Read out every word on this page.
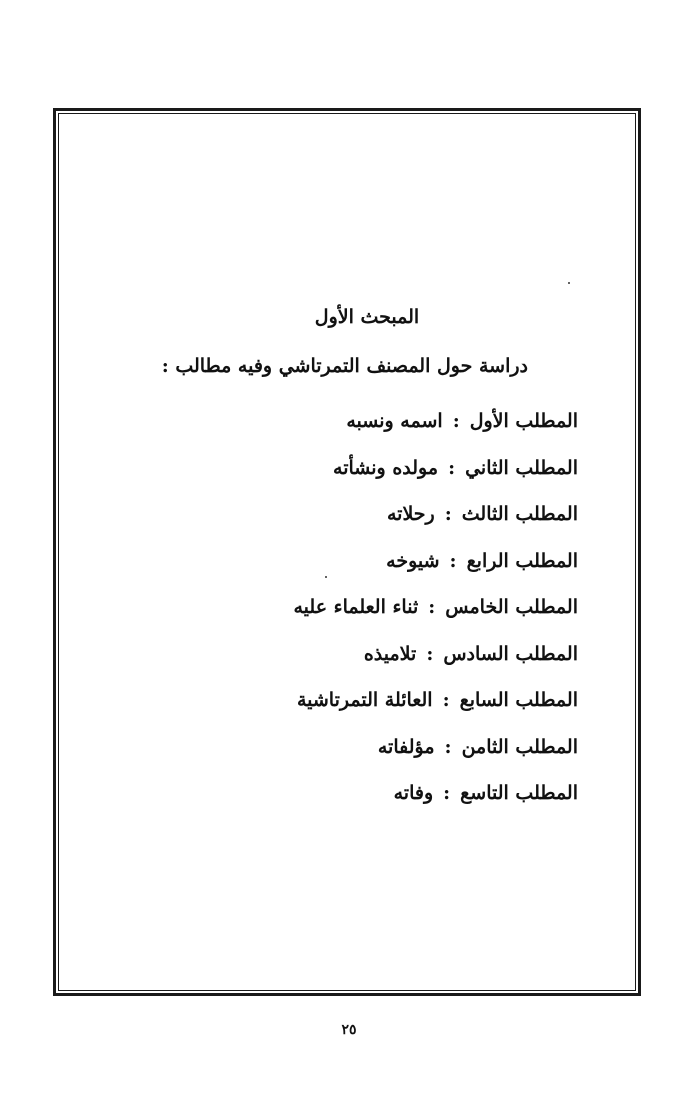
المبحث الأول
دراسة حول المصنف التمرتاشي وفيه مطالب :
المطلب الأول
:
اسمه ونسبه
المطلب الثاني
:
مولده ونشأته
المطلب الثالث
:
رحلاته
المطلب الرابع
:
شيوخه
المطلب الخامس
:
ثناء العلماء عليه
المطلب السادس
:
تلاميذه
المطلب السابع
:
العائلة التمرتاشية
المطلب الثامن
:
مؤلفاته
المطلب التاسع
:
وفاته
٢٥
